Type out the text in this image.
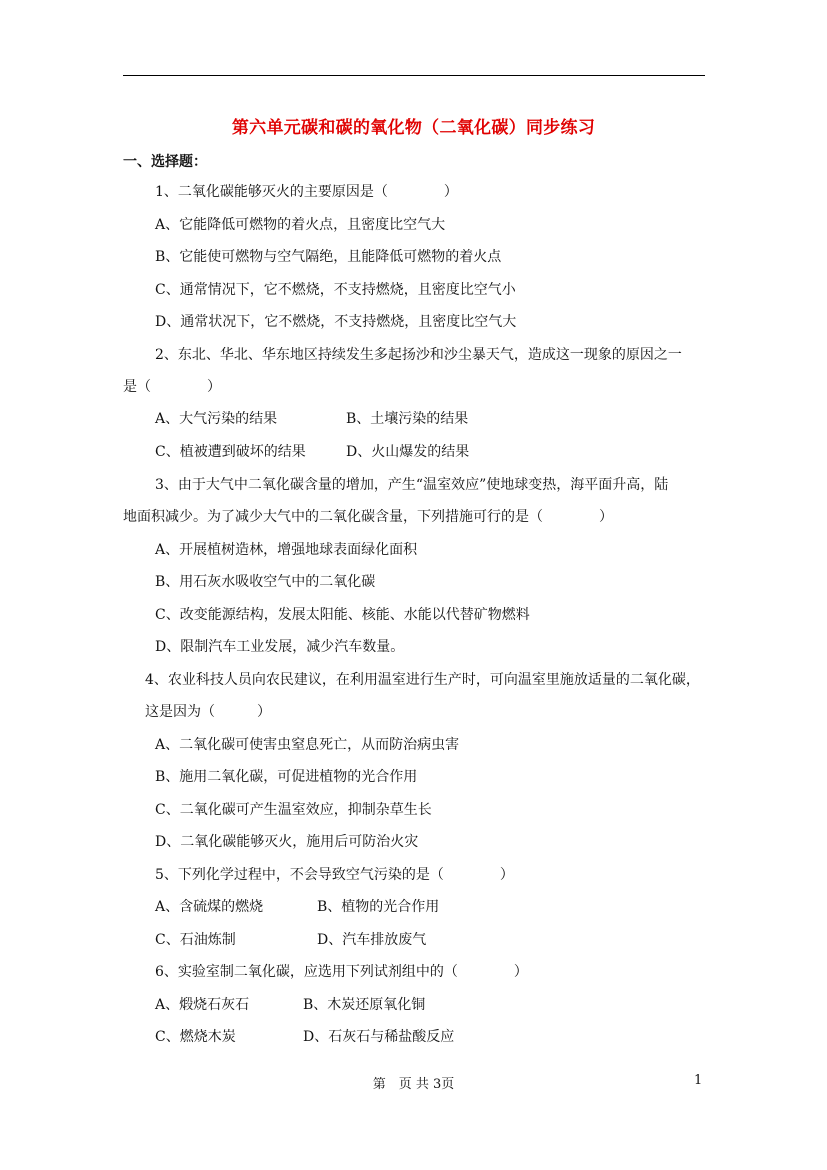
第六单元碳和碳的氧化物（二氧化碳）同步练习
一、选择题：
1、二氧化碳能够灭火的主要原因是（　　　　）
A、它能降低可燃物的着火点，且密度比空气大
B、它能使可燃物与空气隔绝，且能降低可燃物的着火点
C、通常情况下，它不燃烧，不支持燃烧，且密度比空气小
D、通常状况下，它不燃烧，不支持燃烧，且密度比空气大
2、东北、华北、华东地区持续发生多起扬沙和沙尘暴天气，造成这一现象的原因之一
是（　　　　）
A、大气污染的结果	B、土壤污染的结果
C、植被遭到破坏的结果	D、火山爆发的结果
3、由于大气中二氧化碳含量的增加，产生“温室效应”使地球变热，海平面升高，陆
地面积减少。为了减少大气中的二氧化碳含量，下列措施可行的是（　　　　）
A、开展植树造林，增强地球表面绿化面积
B、用石灰水吸收空气中的二氧化碳
C、改变能源结构，发展太阳能、核能、水能以代替矿物燃料
D、限制汽车工业发展，减少汽车数量。
4、农业科技人员向农民建议，在利用温室进行生产时，可向温室里施放适量的二氧化碳，
这是因为（　　　）
A、二氧化碳可使害虫窒息死亡，从而防治病虫害
B、施用二氧化碳，可促进植物的光合作用
C、二氧化碳可产生温室效应，抑制杂草生长
D、二氧化碳能够灭火，施用后可防治火灾
5、下列化学过程中，不会导致空气污染的是（　　　　）
A、含硫煤的燃烧	B、植物的光合作用
C、石油炼制	D、汽车排放废气
6、实验室制二氧化碳，应选用下列试剂组中的（　　　　）
A、煅烧石灰石	B、木炭还原氧化铜
C、燃烧木炭	D、石灰石与稀盐酸反应
第　页 共 3页	1
